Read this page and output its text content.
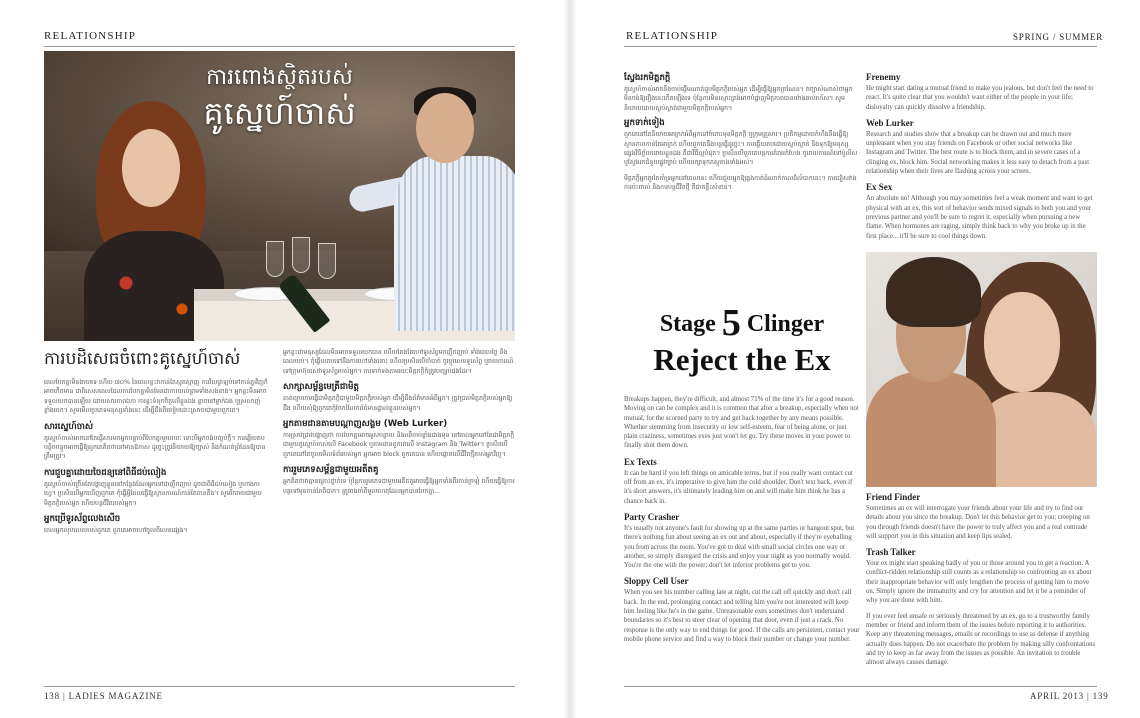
RELATIONSHIP
ការពោងស្ថិតរបស់
គូស្នេហ៍ចាស់
ការបដិសេធចំពោះគូស្នេហ៍ចាស់

ពេលបែកគ្នាមិនងាយទេ ហើយ ៧០% នៃពេលខ្លះវាកាន់តែស្មុគស្មាញ ការវិលត្រឡប់ទៅកាន់គ្នាវិញក៏អាចកើតមាន ជាពិសេសពេលដែលការបែកគ្នាមិនមែនជាការយល់ព្រមទាំងសងខាង។ អ្នកខ្លះមិនអាចទទួលយកបានឡើយ ដោយសារភាពឯកា ការខ្វះទំនុកចិត្តលើខ្លួនឯង ខ្លាចនៅម្នាក់ឯង ឬស្រលាញ់ខ្លាំងពេក។ សូមមើលប្រភេទមនុស្សទាំងនេះ ដើម្បីដឹងពីរបៀបដោះស្រាយជាមួយពួកគេ។

សារស្នេហ៍ចាស់

គូស្នេហ៍ចាស់អាចនៅតែផ្ញើសារមកអ្នកបន្ទាប់ពីបែកគ្នាមួយរយៈ ទោះបីអ្នកចង់បញ្ចប់ក្តី។ ការឆ្លើយតបបន្តិចបន្តួចអាចធ្វើឱ្យពួកគេគិតថានៅមានឱកាស ដូច្នេះត្រូវនិយាយឱ្យច្បាស់ និងកំណត់ព្រំដែនឱ្យបានត្រឹមត្រូវ។

ការជួបគ្នាដោយចៃដន្យនៅពិធីជប់លៀង

គូស្នេហ៍ចាស់ច្រើនតែបង្ហាញខ្លួននៅកន្លែងដែលអ្នកទៅជាញឹកញាប់ ដូចជាពិធីជប់លៀង ឬហាងកាហ្វេ។ ប្រសិនបើអ្នកឃើញពួកគេ កុំធ្វើអ្វីដែលធ្វើឱ្យស្ថានការណ៍កាន់តែតានតឹង។ សូមរីករាយជាមួយមិត្តភក្តិរបស់អ្នក ហើយបន្តជីវិតរបស់អ្នក។

អ្នកប្រើទូរស័ព្ទលេងសើច

ពេលអ្នកលុបលេខរបស់ពួកគេ ពួកគេអាចហៅចូលពីលេខផ្សេង។

អ្នកខ្លះជាមនុស្សដែលមិនអាចទទួលយកបាន ហើយតែងតែហៅទូរស័ព្ទមកញឹកញាប់ ទាំងពេលថ្ងៃ និងពេលយប់។ កុំឆ្លើយតបទៅនឹងការហៅទាំងនោះ ហើយប្រសិនបើចាំបាច់ ចូរប្តូរលេខទូរស័ព្ទ ឬរាយការណ៍ទៅក្រុមហ៊ុនសេវាទូរស័ព្ទរបស់អ្នក។ ការទាក់ទងតាមរយៈមិត្តភក្តិក៏ត្រូវបញ្ឈប់ផងដែរ។

សាក្សាសម្ព័ន្ធមេត្រីជាមិត្ត

គាត់ព្យាយាមធ្វើជាមិត្តភក្តិជាមួយមិត្តភក្តិរបស់អ្នក ដើម្បីដឹងព័ត៌មានអំពីអ្នក។ ត្រូវប្រាប់មិត្តភក្តិរបស់អ្នកឱ្យដឹង ហើយសុំឱ្យពួកគេកុំចែករំលែកព័ត៌មានផ្ទាល់ខ្លួនរបស់អ្នក។

អ្នកតាមដានតាមបណ្តាញសង្គម (Web Lurker)

ការស្រាវជ្រាវបង្ហាញថា ការបែកគ្នាអាចអូសបន្លាយ និងឈឺចាប់ខ្លាំងជាងមុន នៅពេលអ្នកនៅតែជាមិត្តភក្តិជាមួយគូស្នេហ៍ចាស់លើ Facebook ឬតាមដានពួកគេលើ Instagram និង Twitter។ ប្រសិនបើពួកគេនៅតែចូលមើលទំព័ររបស់អ្នក អ្នកអាច block ពួកគេបាន ហើយផ្តោតលើជីវិតថ្មីរបស់អ្នកវិញ។

ការរួមភេទសម្ព័ន្ធជាមួយអតីតគូ

អ្នកគិតថាវាគ្មានគ្រោះថ្នាក់ទេ ប៉ុន្តែការរួមភេទជាមួយអតីតគូអាចធ្វើឱ្យអ្នកទាំងពីរភាន់ច្រឡំ ហើយធ្វើឱ្យការបន្តទៅមុខកាន់តែពិបាក។ ត្រូវចងចាំពីមូលហេតុដែលអ្នកបានបែកគ្នា...

138 | LADIES MAGAZINE
RELATIONSHIP	SPRING / SUMMER
ស្វែងរកមិត្តភក្តិ

គូស្នេហ៍ចាស់អាចនឹងចាប់ផ្តើមណាត់ជួបមិត្តភក្តិរបស់អ្នក ដើម្បីធ្វើឱ្យអ្នកច្រណែន។ វាច្បាស់ណាស់ថាអ្នកមិនចង់ឱ្យរឿងនេះកើតឡើងទេ ប៉ុន្តែការមិនស្មោះត្រង់អាចបំផ្លាញមិត្តភាពបានយ៉ាងឆាប់រហ័ស។ សូមនិយាយដោយស្ងប់ស្ងាត់ជាមួយមិត្តភក្តិរបស់អ្នក។

អ្នកទាក់ទៀង

ពួកគេនៅតែនិយាយអាក្រក់អំពីអ្នកនៅចំពោះមុខមិត្តភក្តិ ឬក្រុមគ្រួសារ។ ប្រតិកម្មដោយកំហឹងនឹងធ្វើឱ្យស្ថានភាពកាន់តែអាក្រក់ ហើយពួកគេនឹងបន្តធ្វើដូច្នេះ។ ការឆ្លើយតបដោយស្ងប់ស្ងាត់ និងទុកឱ្យមនុស្សផ្សេងវិនិច្ឆ័យដោយខ្លួនឯង គឺជាវិធីល្អបំផុត។ ប្រសិនបើពួកគេបន្តការគំរាមកំហែង ចូររាយការណ៍ទៅប៉ូលីស ឬស្វែងរកជំនួយផ្លូវច្បាប់ ហើយរក្សាទុកភស្តុតាងទាំងអស់។

មិត្តភក្តិអ្នកគួរតែគាំទ្រអ្នកនៅពេលនេះ ហើយជួយអ្នកឱ្យឆ្លងកាត់ដំណាក់កាលដ៏លំបាកនេះ។ ការជៀសវាងការប៉ះពាល់ និងការបន្តជីវិតថ្មី គឺជាគន្លឹះសំខាន់។

Stage 5 Clinger
Reject the Ex

Breakups happen, they're difficult, and almost 71% of the time it's for a good reason. Moving on can be complex and it is common that after a breakup, especially when not mutual, for the scorned party to try and get back together by any means possible. Whether stemming from insecurity or low self-esteem, fear of being alone, or just plain craziness, sometimes exes just won't let go. Try these moves in your power to finally shut them down.

Ex Texts

It can be hard if you left things on amicable terms, but if you really want contact cut off from an ex, it's imperative to give him the cold shoulder. Don't text back, even if it's short answers, it's ultimately leading him on and will make him think he has a chance back in.

Party Crasher

It's usually not anyone's fault for showing up at the same parties or hangout spot, but there's nothing fun about seeing an ex out and about, especially if they're eyeballing you from across the room. You've got to deal with small social circles one way or another, so simply disregard the crisis and enjoy your night as you normally would. You're the one with the power; don't let inferior problems get to you.

Sloppy Cell User

When you see his number calling late at night, cut the call off quickly and don't call back. In the end, prolonging contact and telling him you're not interested will keep him feeling like he's in the game. Unreasonable exes sometimes don't understand boundaries so it's best to steer clear of opening that door, even if just a crack. No response is the only way to end things for good. If the calls are persistent, contact your mobile phone service and find a way to block their number or change your number.

Frenemy

He might start dating a mutual friend to make you jealous, but don't feel the need to react. It's quite clear that you wouldn't want either of the people in your life; disloyalty can quickly dissolve a friendship.

Web Lurker

Research and studies show that a breakup can be drawn out and much more unpleasant when you stay friends on Facebook or other social networks like Instagram and Twitter. The best route is to block them, and in severe cases of a clinging ex, block him. Social networking makes it less easy to detach from a past relationship when their lives are flashing across your screen.

Ex Sex

An absolute no! Although you may sometimes feel a weak moment and want to get physical with an ex, this sort of behavior sends mixed signals to both you and your previous partner and you'll be sure to regret it, especially when pursuing a new flame. When hormones are raging, simply think back to why you broke up in the first place... it'll be sure to cool things down.

Friend Finder

Sometimes an ex will interrogate your friends about your life and try to find out details about you since the breakup. Don't let this behavior get to you; creeping on you through friends doesn't have the power to truly affect you and a real comrade will support you in this situation and keep lips sealed.

Trash Talker

Your ex might start speaking badly of you or those around you to get a reaction. A conflict-ridden relationship still counts as a relationship so confronting an ex about their inappropriate behavior will only lengthen the process of getting him to move on. Simply ignore the immaturity and cry for attention and let it be a reminder of why you are done with him.

If you ever feel unsafe or seriously threatened by an ex, go to a trustworthy family member or friend and inform them of the issues before reporting it to authorities. Keep any threatening messages, emails or recordings to use as defense if anything actually does happen. Do not exacerbate the problem by making silly confrontations and try to keep as far away from the issues as possible. An invitation to trouble almost always causes damage.

APRIL 2013 | 139
